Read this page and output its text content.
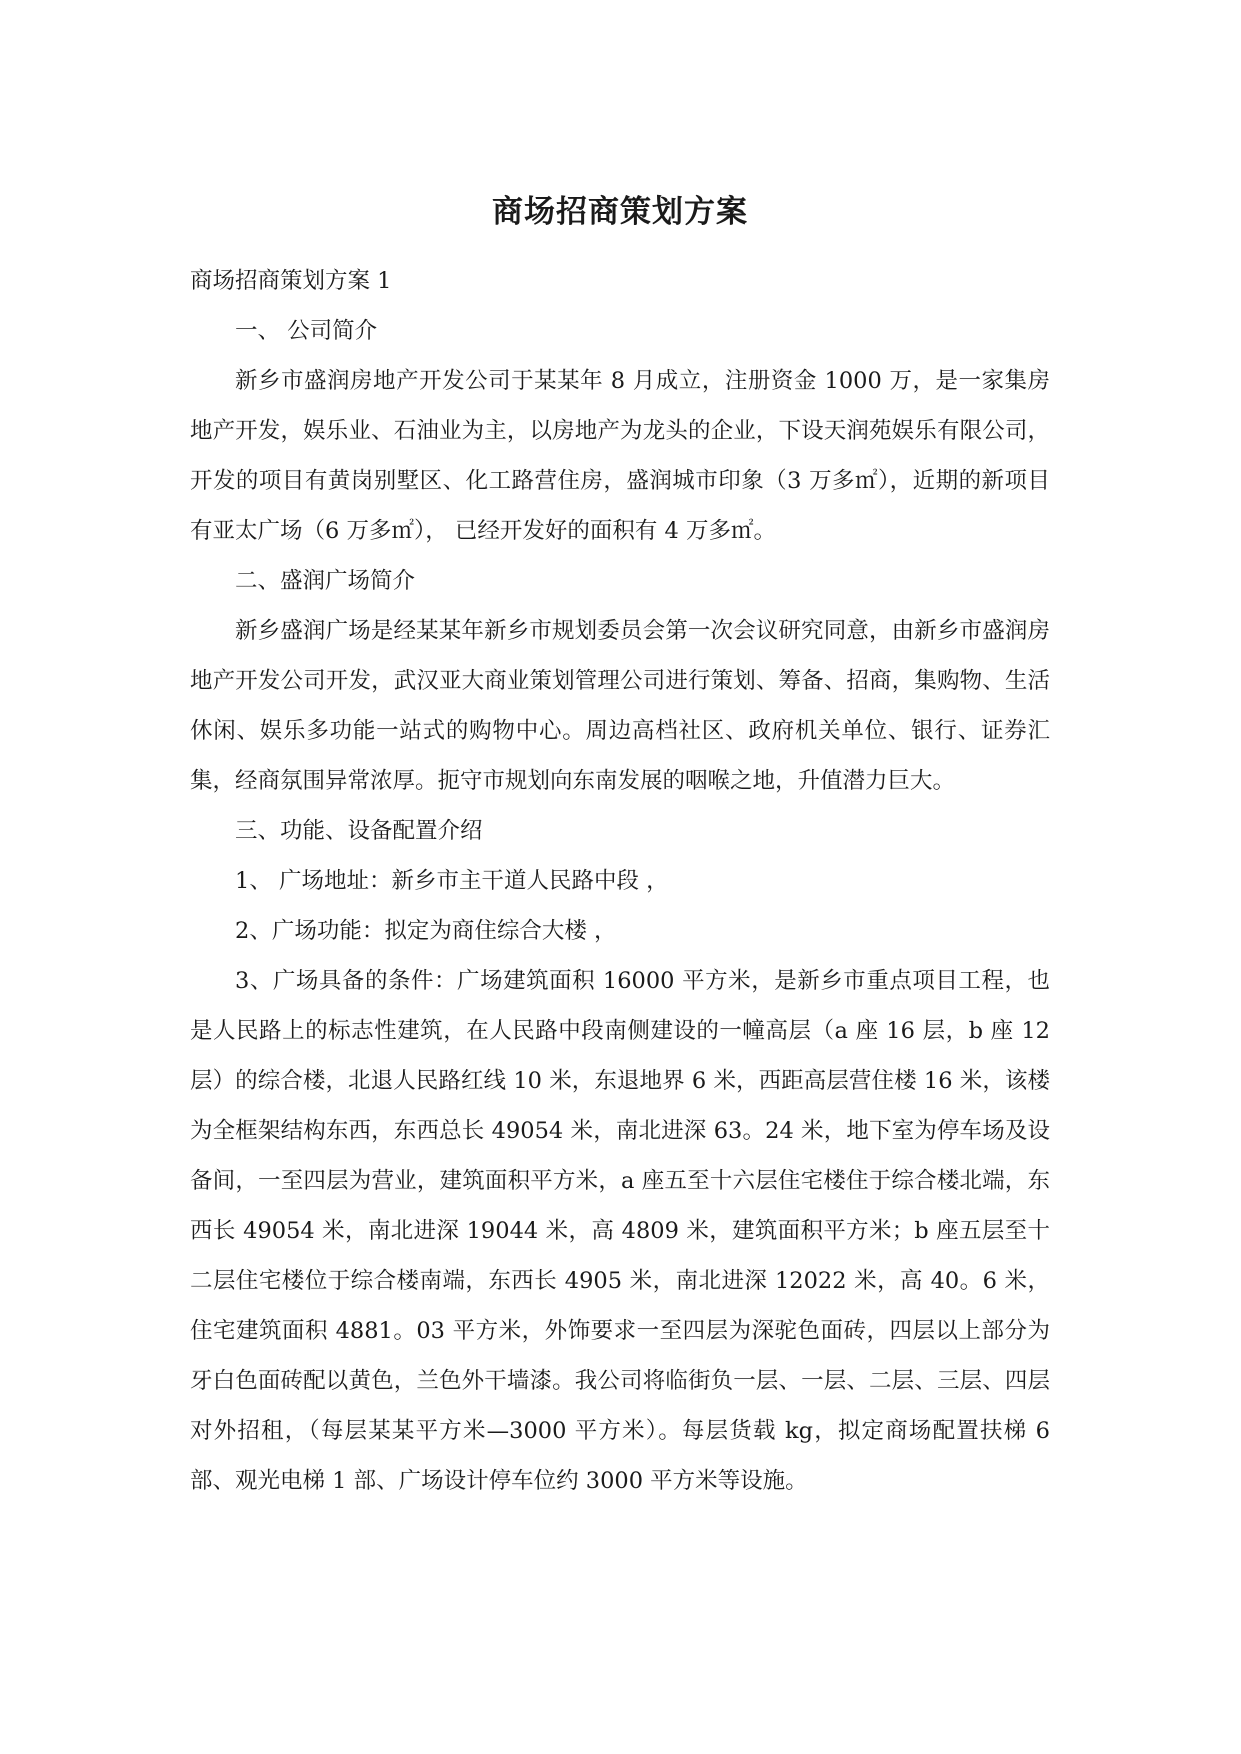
商场招商策划方案

商场招商策划方案 1

一、 公司简介

新乡市盛润房地产开发公司于某某年 8 月成立，注册资金 1000 万，是一家集房地产开发，娱乐业、石油业为主，以房地产为龙头的企业，下设天润苑娱乐有限公司，开发的项目有黄岗别墅区、化工路营住房，盛润城市印象（3 万多㎡），近期的新项目有亚太广场（6 万多㎡）， 已经开发好的面积有 4 万多㎡。

二、盛润广场简介

新乡盛润广场是经某某年新乡市规划委员会第一次会议研究同意，由新乡市盛润房地产开发公司开发，武汉亚大商业策划管理公司进行策划、筹备、招商，集购物、生活休闲、娱乐多功能一站式的购物中心。周边高档社区、政府机关单位、银行、证券汇集，经商氛围异常浓厚。扼守市规划向东南发展的咽喉之地，升值潜力巨大。

三、功能、设备配置介绍

1、 广场地址：新乡市主干道人民路中段 ，

2、广场功能：拟定为商住综合大楼 ，

3、广场具备的条件：广场建筑面积 16000 平方米，是新乡市重点项目工程，也是人民路上的标志性建筑，在人民路中段南侧建设的一幢高层（a 座 16 层，b 座 12 层）的综合楼，北退人民路红线 10 米，东退地界 6 米，西距高层营住楼 16 米，该楼为全框架结构东西，东西总长 49054 米，南北进深 63。24 米，地下室为停车场及设备间，一至四层为营业，建筑面积平方米，a 座五至十六层住宅楼住于综合楼北端，东西长 49054 米，南北进深 19044 米，高 4809 米，建筑面积平方米；b 座五层至十二层住宅楼位于综合楼南端，东西长 4905 米，南北进深 12022 米，高 40。6 米，住宅建筑面积 4881。03 平方米，外饰要求一至四层为深驼色面砖，四层以上部分为牙白色面砖配以黄色，兰色外干墙漆。我公司将临街负一层、一层、二层、三层、四层对外招租，（每层某某平方米—3000 平方米）。每层货载 kg，拟定商场配置扶梯 6 部、观光电梯 1 部、广场设计停车位约 3000 平方米等设施。
